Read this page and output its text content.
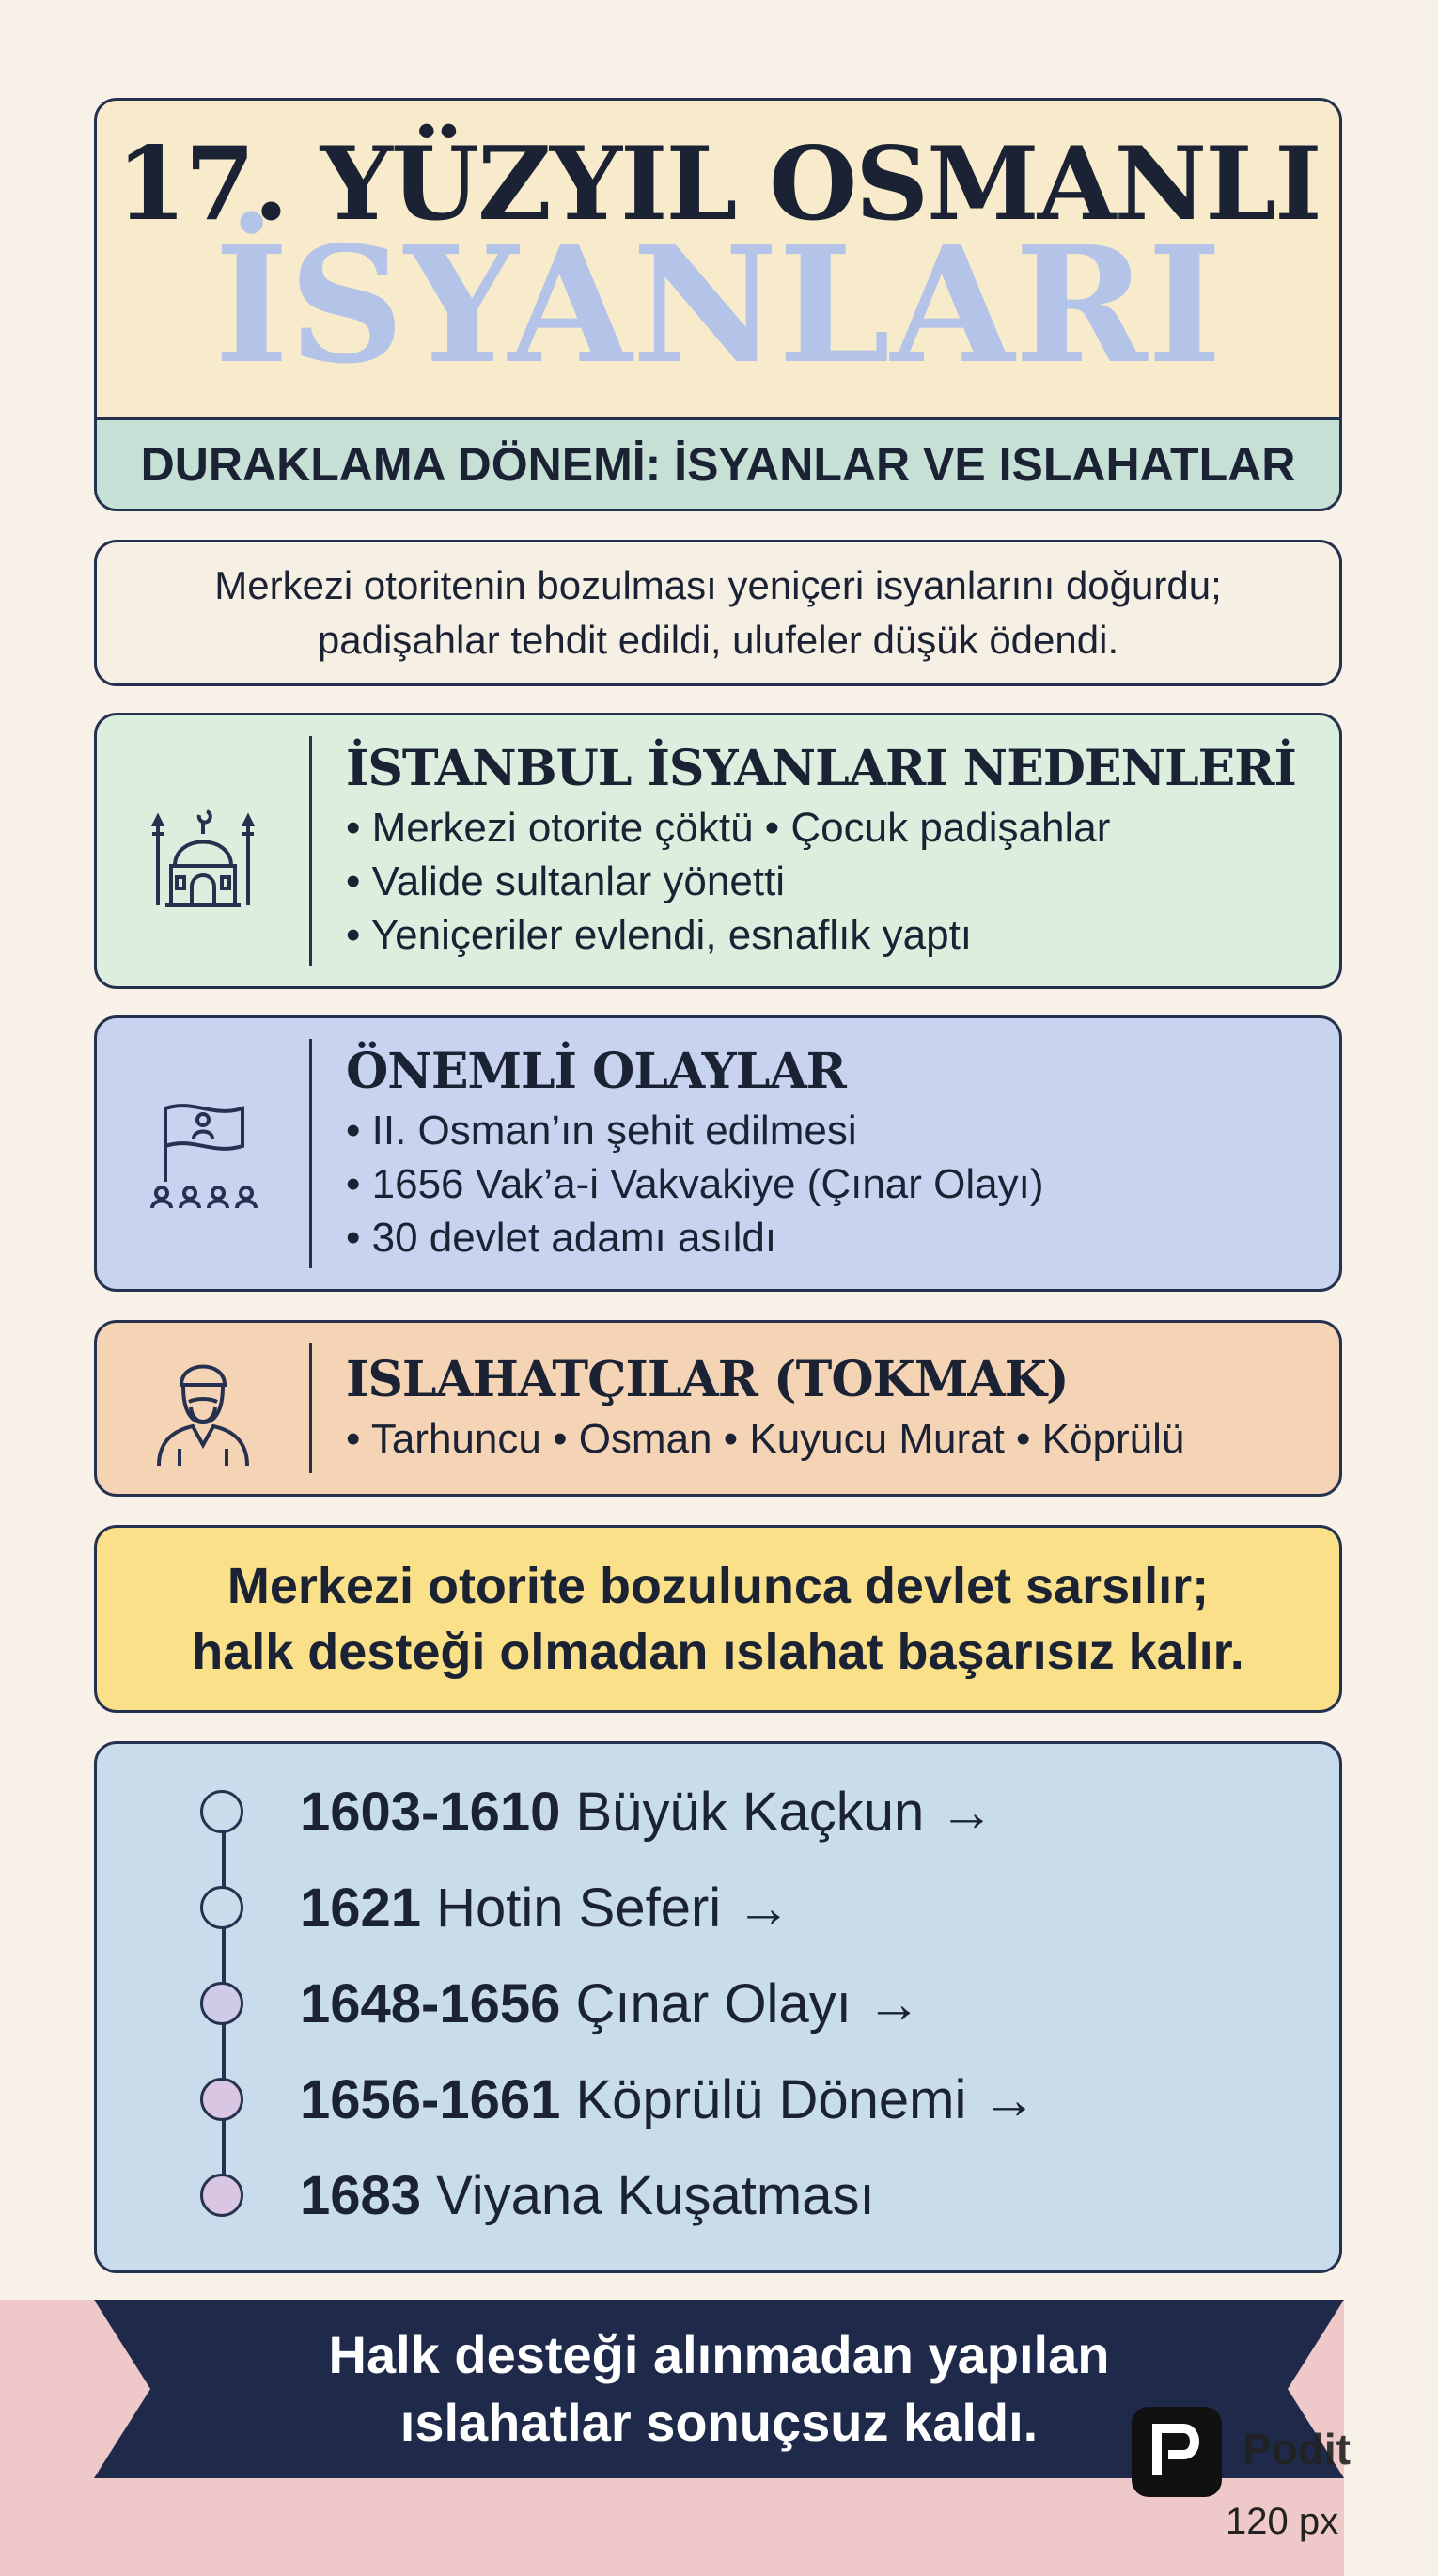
17. YÜZYIL OSMANLI
İSYANLARI
DURAKLAMA DÖNEMİ: İSYANLAR VE ISLAHATLAR
Merkezi otoritenin bozulması yeniçeri isyanlarını doğurdu;
padişahlar tehdit edildi, ulufeler düşük ödendi.
İSTANBUL İSYANLARI NEDENLERİ
• Merkezi otorite çöktü • Çocuk padişahlar
• Valide sultanlar yönetti
• Yeniçeriler evlendi, esnaflık yaptı
ÖNEMLİ OLAYLAR
• II. Osman’ın şehit edilmesi
• 1656 Vak’a-i Vakvakiye (Çınar Olayı)
• 30 devlet adamı asıldı
ISLAHATÇILAR (TOKMAK)
• Tarhuncu • Osman • Kuyucu Murat • Köprülü
Merkezi otorite bozulunca devlet sarsılır;
halk desteği olmadan ıslahat başarısız kalır.
1603-1610 Büyük Kaçkun →
1621 Hotin Seferi →
1648-1656 Çınar Olayı →
1656-1661 Köprülü Dönemi →
1683 Viyana Kuşatması
Halk desteği alınmadan yapılan
ıslahatlar sonuçsuz kaldı.	Podit
120 px
